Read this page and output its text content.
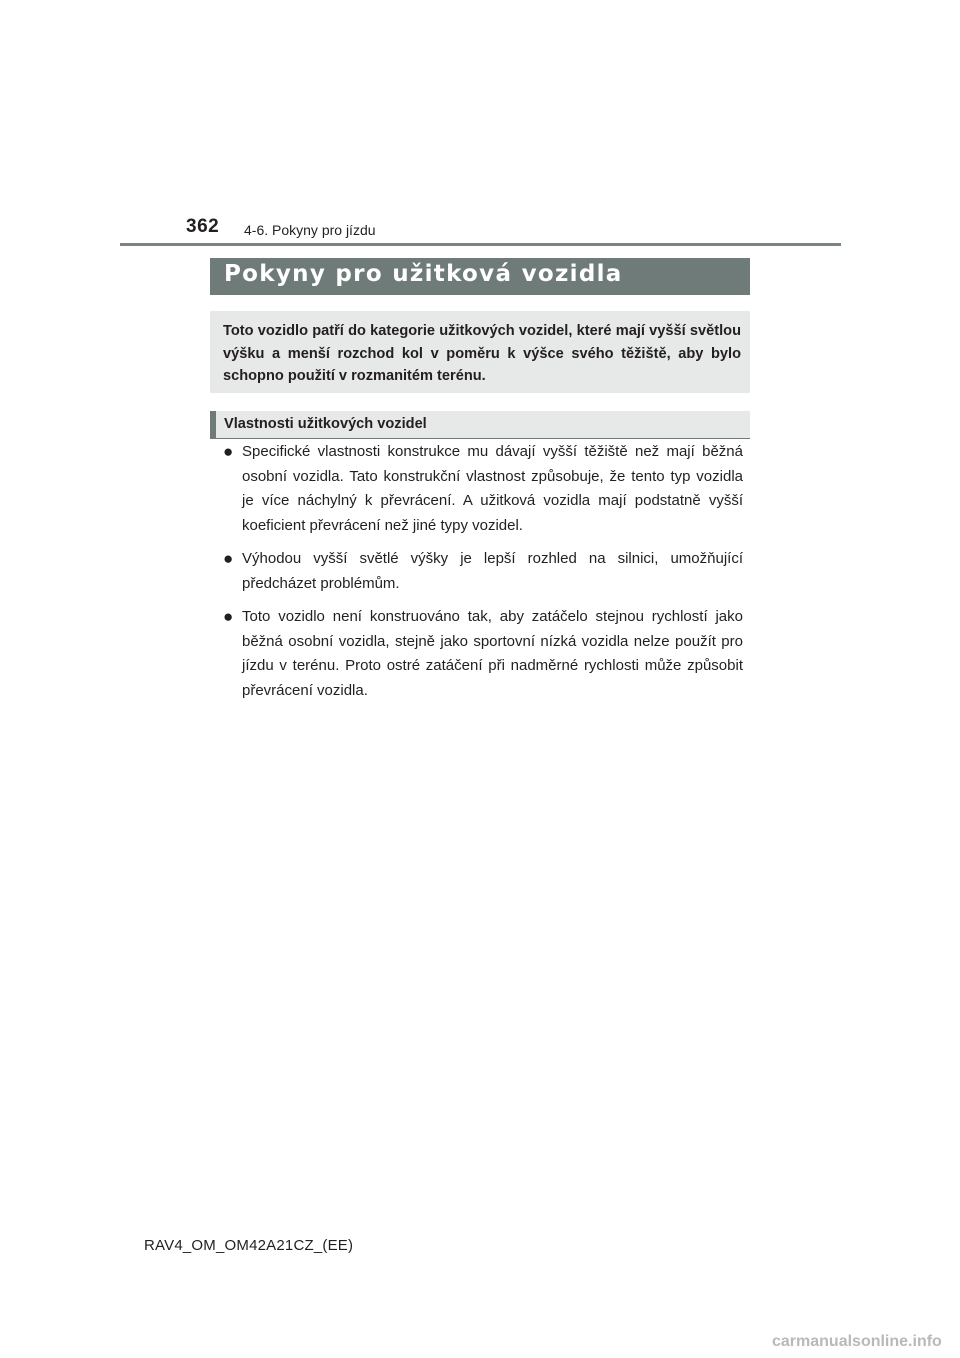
362 4-6. Pokyny pro jízdu
Pokyny pro užitková vozidla

Toto vozidlo patří do kategorie užitkových vozidel, které mají vyšší světlou výšku a menší rozchod kol v poměru k výšce svého těžiště, aby bylo schopno použití v rozmanitém terénu.

Vlastnosti užitkových vozidel
● Specifické vlastnosti konstrukce mu dávají vyšší těžiště než mají běžná osobní vozidla. Tato konstrukční vlastnost způsobuje, že tento typ vozidla je více náchylný k převrácení. A užitková vozidla mají podstatně vyšší koeficient převrácení než jiné typy vozidel.
● Výhodou vyšší světlé výšky je lepší rozhled na silnici, umožňující předcházet problémům.
● Toto vozidlo není konstruováno tak, aby zatáčelo stejnou rychlostí jako běžná osobní vozidla, stejně jako sportovní nízká vozidla nelze použít pro jízdu v terénu. Proto ostré zatáčení při nadměrné rychlosti může způsobit převrácení vozidla.
RAV4_OM_OM42A21CZ_(EE)
carmanualsonline.info
